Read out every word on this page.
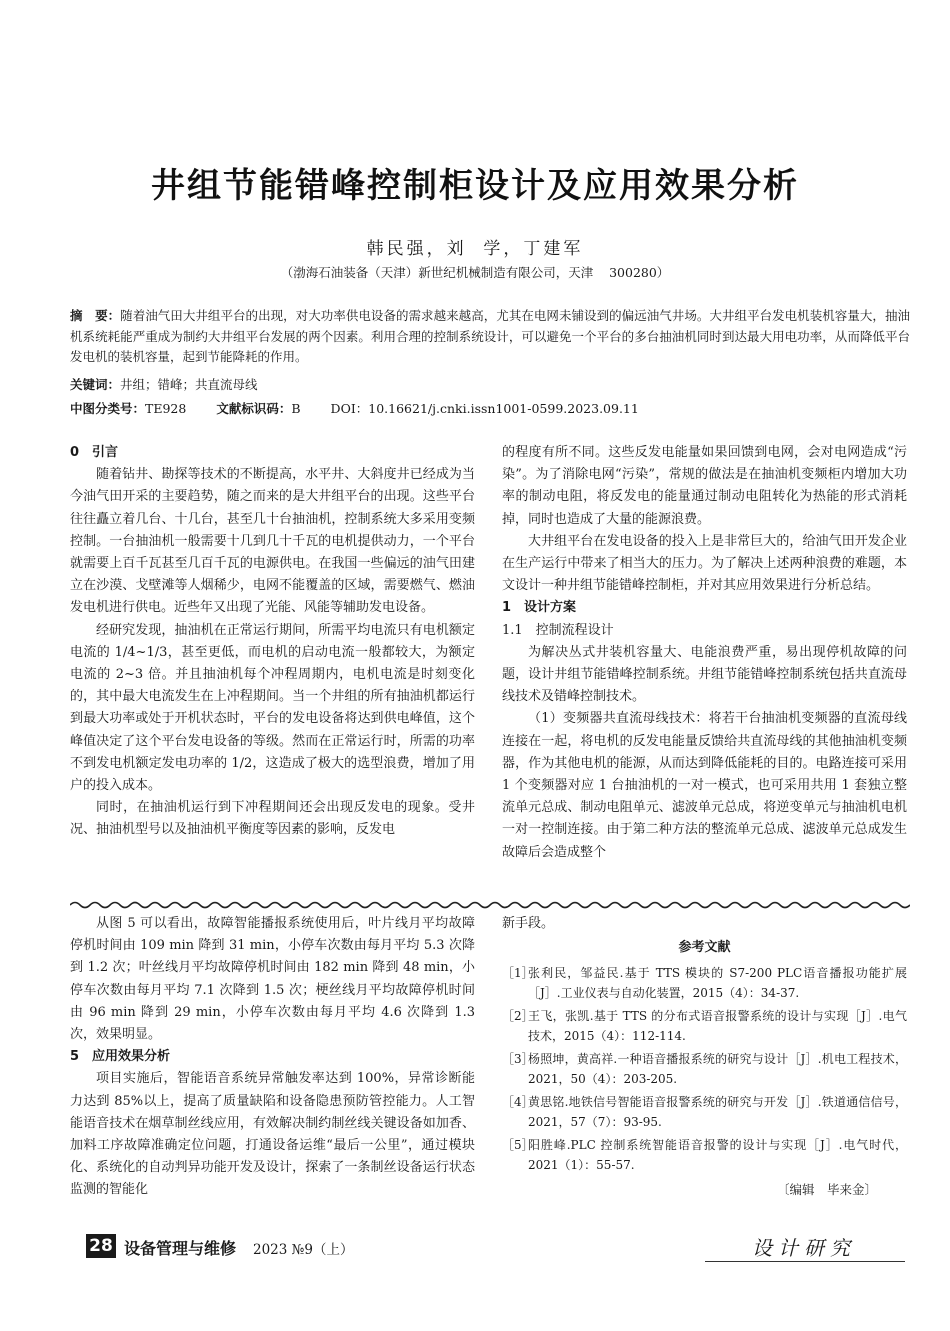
井组节能错峰控制柜设计及应用效果分析
韩民强，刘  学，丁建军
（渤海石油装备（天津）新世纪机械制造有限公司，天津    300280）
摘　要：随着油气田大井组平台的出现，对大功率供电设备的需求越来越高，尤其在电网未铺设到的偏远油气井场。大井组平台发电机装机容量大，抽油机系统耗能严重成为制约大井组平台发展的两个因素。利用合理的控制系统设计，可以避免一个平台的多台抽油机同时到达最大用电功率，从而降低平台发电机的装机容量，起到节能降耗的作用。
关键词：井组；错峰；共直流母线
中图分类号：TE928 文献标识码：B DOI：10.16621/j.cnki.issn1001-0599.2023.09.11
0　引言

随着钻井、勘探等技术的不断提高，水平井、大斜度井已经成为当今油气田开采的主要趋势，随之而来的是大井组平台的出现。这些平台往往矗立着几台、十几台，甚至几十台抽油机，控制系统大多采用变频控制。一台抽油机一般需要十几到几十千瓦的电机提供动力，一个平台就需要上百千瓦甚至几百千瓦的电源供电。在我国一些偏远的油气田建立在沙漠、戈壁滩等人烟稀少，电网不能覆盖的区域，需要燃气、燃油发电机进行供电。近些年又出现了光能、风能等辅助发电设备。

经研究发现，抽油机在正常运行期间，所需平均电流只有电机额定电流的 1/4~1/3，甚至更低，而电机的启动电流一般都较大，为额定电流的 2~3 倍。并且抽油机每个冲程周期内，电机电流是时刻变化的，其中最大电流发生在上冲程期间。当一个井组的所有抽油机都运行到最大功率或处于开机状态时，平台的发电设备将达到供电峰值，这个峰值决定了这个平台发电设备的等级。然而在正常运行时，所需的功率不到发电机额定发电功率的 1/2，这造成了极大的选型浪费，增加了用户的投入成本。

同时，在抽油机运行到下冲程期间还会出现反发电的现象。受井况、抽油机型号以及抽油机平衡度等因素的影响，反发电

的程度有所不同。这些反发电能量如果回馈到电网，会对电网造成“污染”。为了消除电网“污染”，常规的做法是在抽油机变频柜内增加大功率的制动电阻，将反发电的能量通过制动电阻转化为热能的形式消耗掉，同时也造成了大量的能源浪费。

大井组平台在发电设备的投入上是非常巨大的，给油气田开发企业在生产运行中带来了相当大的压力。为了解决上述两种浪费的难题，本文设计一种井组节能错峰控制柜，并对其应用效果进行分析总结。

1　设计方案
1.1　控制流程设计

为解决丛式井装机容量大、电能浪费严重，易出现停机故障的问题，设计井组节能错峰控制系统。井组节能错峰控制系统包括共直流母线技术及错峰控制技术。

（1）变频器共直流母线技术：将若干台抽油机变频器的直流母线连接在一起，将电机的反发电能量反馈给共直流母线的其他抽油机变频器，作为其他电机的能源，从而达到降低能耗的目的。电路连接可采用 1 个变频器对应 1 台抽油机的一对一模式，也可采用共用 1 套独立整流单元总成、制动电阻单元、滤波单元总成，将逆变单元与抽油机电机一对一控制连接。由于第二种方法的整流单元总成、滤波单元总成发生故障后会造成整个

从图 5 可以看出，故障智能播报系统使用后，叶片线月平均故障停机时间由 109 min 降到 31 min，小停车次数由每月平均 5.3 次降到 1.2 次；叶丝线月平均故障停机时间由 182 min 降到 48 min，小停车次数由每月平均 7.1 次降到 1.5 次；梗丝线月平均故障停机时间由 96 min 降到 29 min，小停车次数由每月平均 4.6 次降到 1.3 次，效果明显。

5　应用效果分析

项目实施后，智能语音系统异常触发率达到 100%，异常诊断能力达到 85%以上，提高了质量缺陷和设备隐患预防管控能力。人工智能语音技术在烟草制丝线应用，有效解决制约制丝线关键设备如加香、加料工序故障准确定位问题，打通设备运维“最后一公里”，通过模块化、系统化的自动判异功能开发及设计，探索了一条制丝设备运行状态监测的智能化

新手段。

参考文献
［1］
张利民，邹益民.基于 TTS 模块的 S7-200 PLC语音播报功能扩展［J］.工业仪表与自动化装置，2015（4）：34-37.
［2］
王飞，张凯.基于 TTS 的分布式语音报警系统的设计与实现［J］.电气技术，2015（4）：112-114.
［3］
杨照坤，黄高祥.一种语音播报系统的研究与设计［J］.机电工程技术，2021，50（4）：203-205.
［4］
黄思铭.地铁信号智能语音报警系统的研究与开发［J］.铁道通信信号，2021，57（7）：93-95.
［5］
阳胜峰.PLC 控制系统智能语音报警的设计与实现［J］.电气时代，2021（1）：55-57.
〔编辑　毕来金〕
28 设备管理与维修 2023 №9（上）	设计研究
